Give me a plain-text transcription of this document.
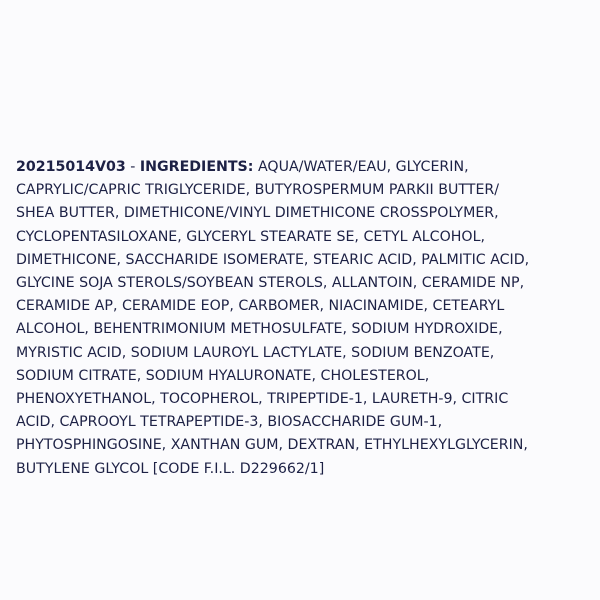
20215014V03 - INGREDIENTS: AQUA/WATER/EAU, GLYCERIN,
CAPRYLIC/CAPRIC TRIGLYCERIDE, BUTYROSPERMUM PARKII BUTTER/
SHEA BUTTER, DIMETHICONE/VINYL DIMETHICONE CROSSPOLYMER,
CYCLOPENTASILOXANE, GLYCERYL STEARATE SE, CETYL ALCOHOL,
DIMETHICONE, SACCHARIDE ISOMERATE, STEARIC ACID, PALMITIC ACID,
GLYCINE SOJA STEROLS/SOYBEAN STEROLS, ALLANTOIN, CERAMIDE NP,
CERAMIDE AP, CERAMIDE EOP, CARBOMER, NIACINAMIDE, CETEARYL
ALCOHOL, BEHENTRIMONIUM METHOSULFATE, SODIUM HYDROXIDE,
MYRISTIC ACID, SODIUM LAUROYL LACTYLATE, SODIUM BENZOATE,
SODIUM CITRATE, SODIUM HYALURONATE, CHOLESTEROL,
PHENOXYETHANOL, TOCOPHEROL, TRIPEPTIDE-1, LAURETH-9, CITRIC
ACID, CAPROOYL TETRAPEPTIDE-3, BIOSACCHARIDE GUM-1,
PHYTOSPHINGOSINE, XANTHAN GUM, DEXTRAN, ETHYLHEXYLGLYCERIN,
BUTYLENE GLYCOL [CODE F.I.L. D229662/1]
